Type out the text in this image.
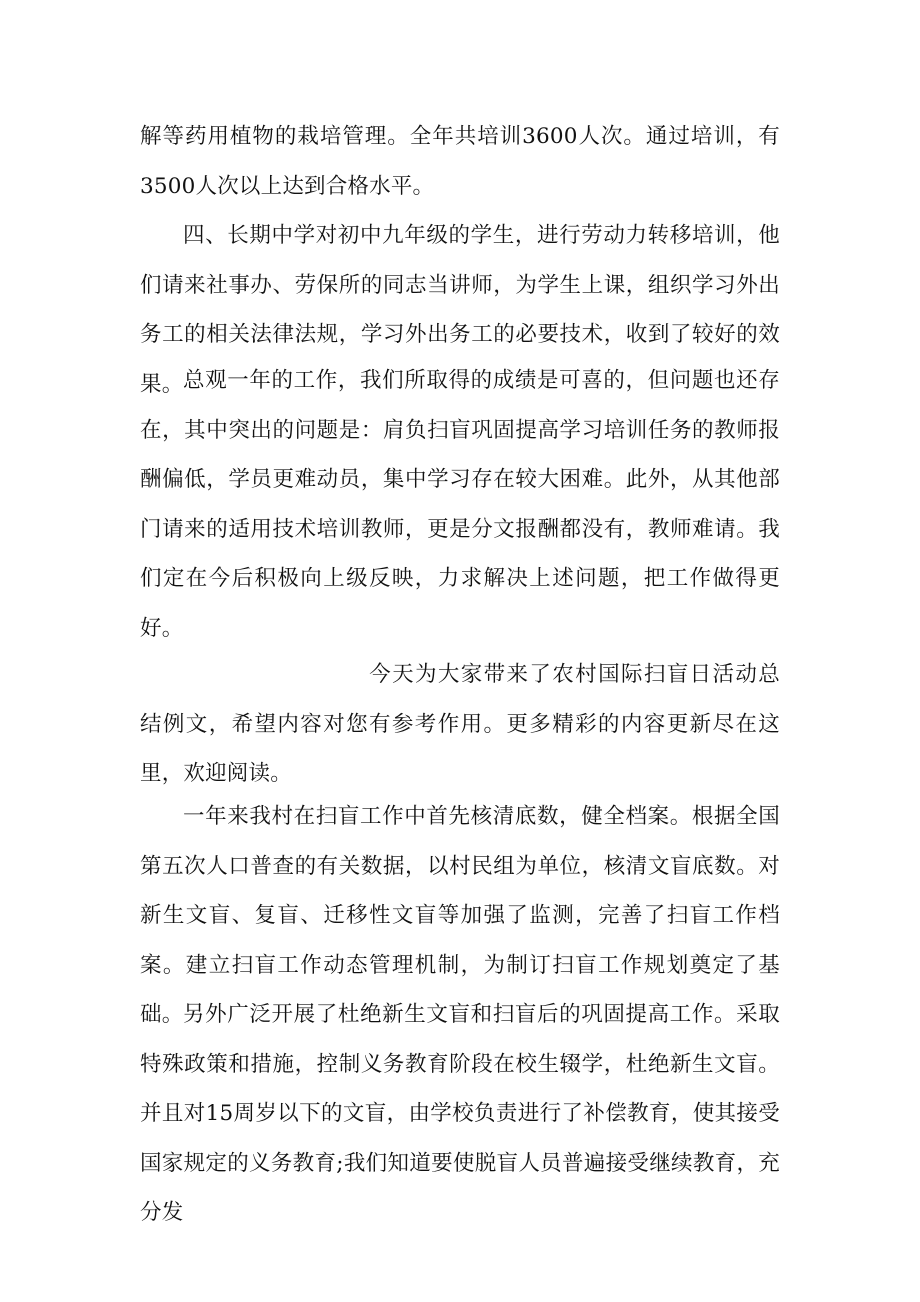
解等药用植物的栽培管理。全年共培训3600人次。通过培训，有3500人次以上达到合格水平。

四、长期中学对初中九年级的学生，进行劳动力转移培训，他们请来社事办、劳保所的同志当讲师，为学生上课，组织学习外出务工的相关法律法规，学习外出务工的必要技术，收到了较好的效果。 总观一年的工作，我们所取得的成绩是可喜的，但问题也还存在，其中突出的问题是：肩负扫盲巩固提高学习培训任务的教师报酬偏低，学员更难动员，集中学习存在较大困难。此外，从其他部门请来的适用技术培训教师，更是分文报酬都没有，教师难请。我们定在今后积极向上级反映，力求解决上述问题，把工作做得更好。

今天为大家带来了农村国际扫盲日活动总结例文，希望内容对您有参考作用。更多精彩的内容更新尽在这里，欢迎阅读。

一年来我村在扫盲工作中首先核清底数，健全档案。根据全国第五次人口普查的有关数据，以村民组为单位，核清文盲底数。对新生文盲、复盲、迁移性文盲等加强了监测，完善了扫盲工作档案。建立扫盲工作动态管理机制，为制订扫盲工作规划奠定了基础。 另外广泛开展了杜绝新生文盲和扫盲后的巩固提高工作。采取特殊政策和措施，控制义务教育阶段在校生辍学，杜绝新生文盲。并且对15周岁以下的文盲，由学校负责进行了补偿教育，使其接受国家规定的义务教育;我们知道要使脱盲人员普遍接受继续教育，充分发
